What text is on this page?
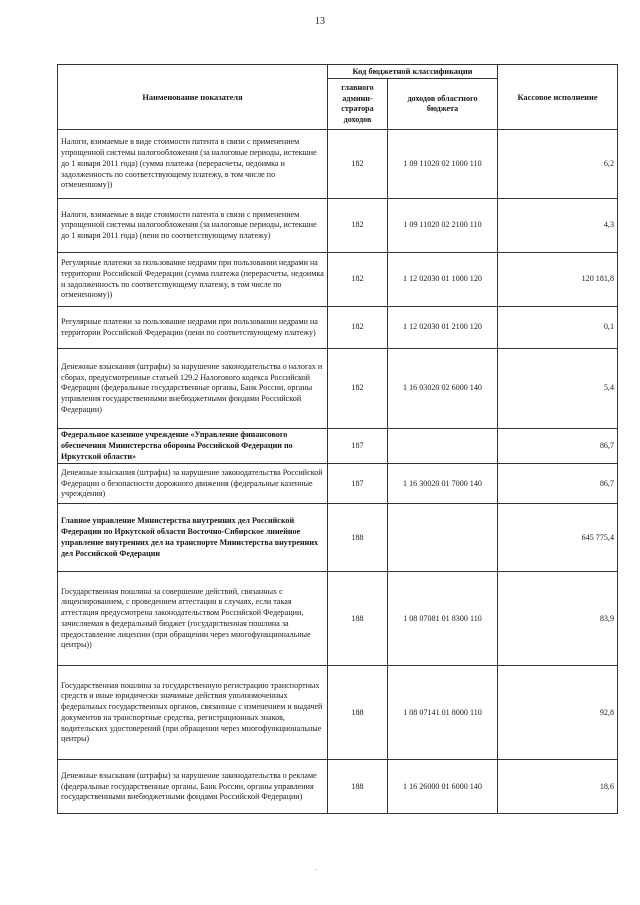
13
Наименование показателя	Код бюджетной классификации		Кассовое исполнение
	главного админи- стратора доходов	доходов областного бюджета	
Налоги, взимаемые в виде стоимости патента в связи с применением упрощенной системы налогообложения (за налоговые периоды, истекшие до 1 января 2011 года) (сумма платежа (перерасчеты, недоимка и задолженность по соответствующему платежу, в том числе по отмененному))	182	1 09 11020 02 1000 110	6,2
Налоги, взимаемые в виде стоимости патента в связи с применением упрощенной системы налогообложения (за налоговые периоды, истекшие до 1 января 2011 года) (пени по соответствующему платежу)	182	1 09 11020 02 2100 110	4,3
Регулярные платежи за пользование недрами при пользовании недрами на территории Российской Федерации (сумма платежа (перерасчеты, недоимка и задолженность по соответствующему платежу, в том числе по отмененному))	182	1 12 02030 01 1000 120	120 181,8
Регулярные платежи за пользование недрами при пользовании недрами на территории Российской Федерации (пени по соответствующему платежу)	182	1 12 02030 01 2100 120	0,1
Денежные взыскания (штрафы) за нарушение законодательства о налогах и сборах, предусмотренные статьей 129.2 Налогового кодекса Российской Федерации (федеральные государственные органы, Банк России, органы управления государственными внебюджетными фондами Российской Федерации)	182	1 16 03020 02 6000 140	5,4
Федеральное казенное учреждение «Управление финансового обеспечения Министерства обороны Российской Федерации по Иркутской области»	187		86,7
Денежные взыскания (штрафы) за нарушение законодательства Российской Федерации о безопасности дорожного движения (федеральные казенные учреждения)	187	1 16 30020 01 7000 140	86,7
Главное управление Министерства внутренних дел Российской Федерации по Иркутской области Восточно-Сибирское линейное управление внутренних дел на транспорте Министерства внутренних дел Российской Федерации	188		645 775,4
Государственная пошлина за совершение действий, связанных с лицензированием, с проведением аттестации в случаях, если такая аттестация предусмотрена законодательством Российской Федерации, зачисляемая в федеральный бюджет (государственная пошлина за предоставление лицензии (при обращении через многофункциональные центры))	188	1 08 07081 01 8300 110	83,9
Государственная пошлина за государственную регистрацию транспортных средств и иные юридически значимые действия уполномоченных федеральных государственных органов, связанные с изменением и выдачей документов на транспортные средства, регистрационных знаков, водительских удостоверений (при обращении через многофункциональные центры)	188	1 08 07141 01 8000 110	92,8
Денежные взыскания (штрафы) за нарушение законодательства о рекламе (федеральные государственные органы, Банк России, органы управления государственными внебюджетными фондами Российской Федерации)	188	1 16 26000 01 6000 140	18,6
.
